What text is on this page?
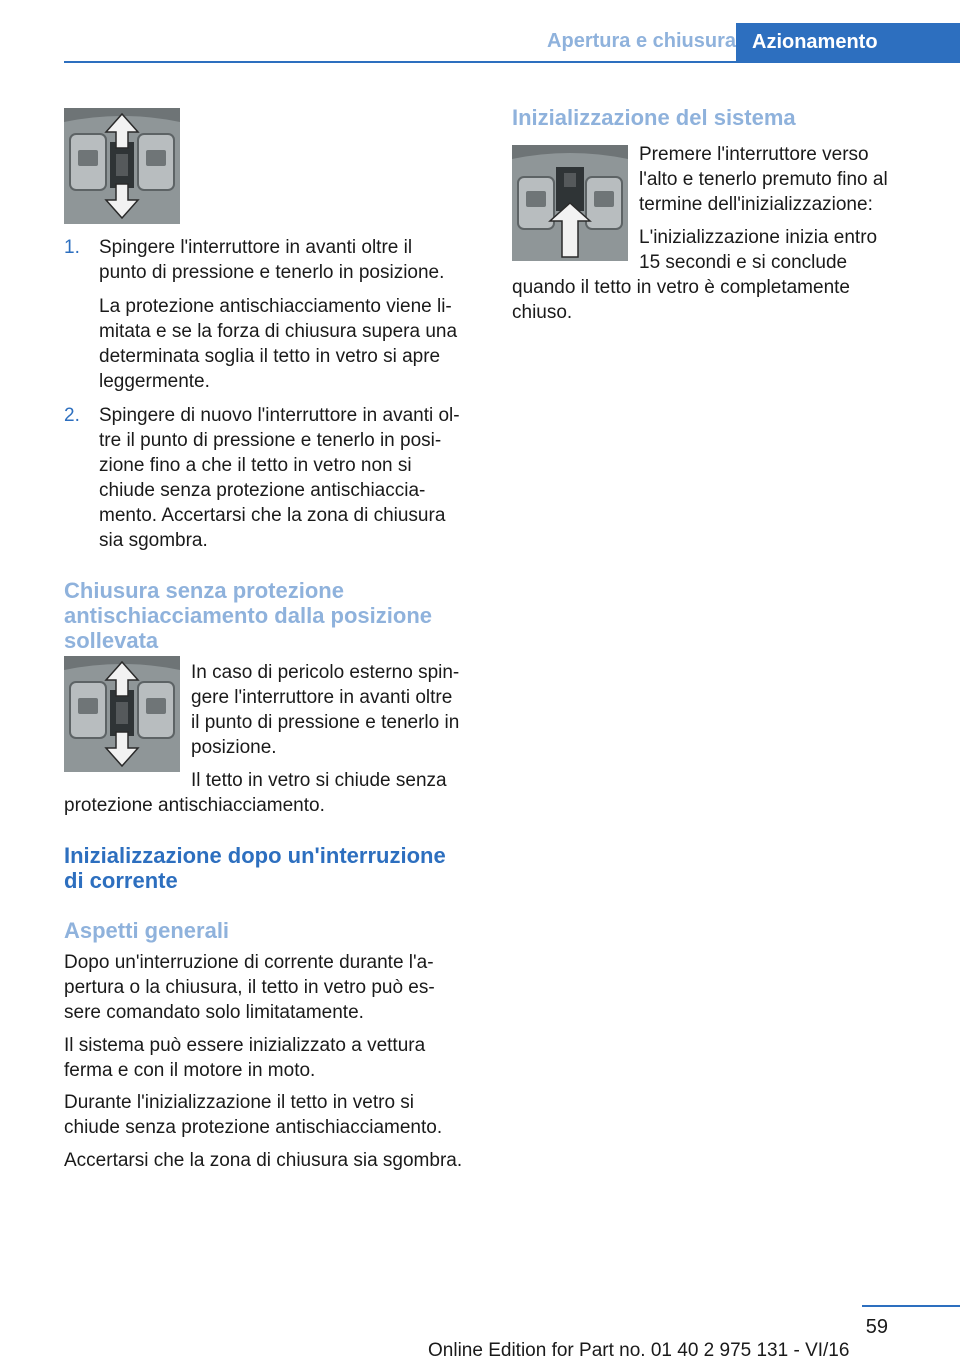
Apertura e chiusura Azionamento
1. Spingere l'interruttore in avanti oltre il

punto di pressione e tenerlo in posizione.

La protezione antischiacciamento viene li-

mitata e se la forza di chiusura supera una

determinata soglia il tetto in vetro si apre

leggermente.

2. Spingere di nuovo l'interruttore in avanti ol-

tre il punto di pressione e tenerlo in posi-

zione fino a che il tetto in vetro non si

chiude senza protezione antischiaccia-

mento. Accertarsi che la zona di chiusura

sia sgombra.

Chiusura senza protezione
antischiacciamento dalla posizione
sollevata

In caso di pericolo esterno spin-

gere l'interruttore in avanti oltre

il punto di pressione e tenerlo in

posizione.

Il tetto in vetro si chiude senza
protezione antischiacciamento.
Inizializzazione dopo un'interruzione
di corrente
Aspetti generali

Dopo un'interruzione di corrente durante l'a-

pertura o la chiusura, il tetto in vetro può es-

sere comandato solo limitatamente.

Il sistema può essere inizializzato a vettura

ferma e con il motore in moto.

Durante l'inizializzazione il tetto in vetro si

chiude senza protezione antischiacciamento.

Accertarsi che la zona di chiusura sia sgombra.
Inizializzazione del sistema

Premere l'interruttore verso

l'alto e tenerlo premuto fino al

termine dell'inizializzazione:

L'inizializzazione inizia entro

15 secondi e si conclude

quando il tetto in vetro è completamente

chiuso.

59
Online Edition for Part no. 01 40 2 975 131 - VI/16
